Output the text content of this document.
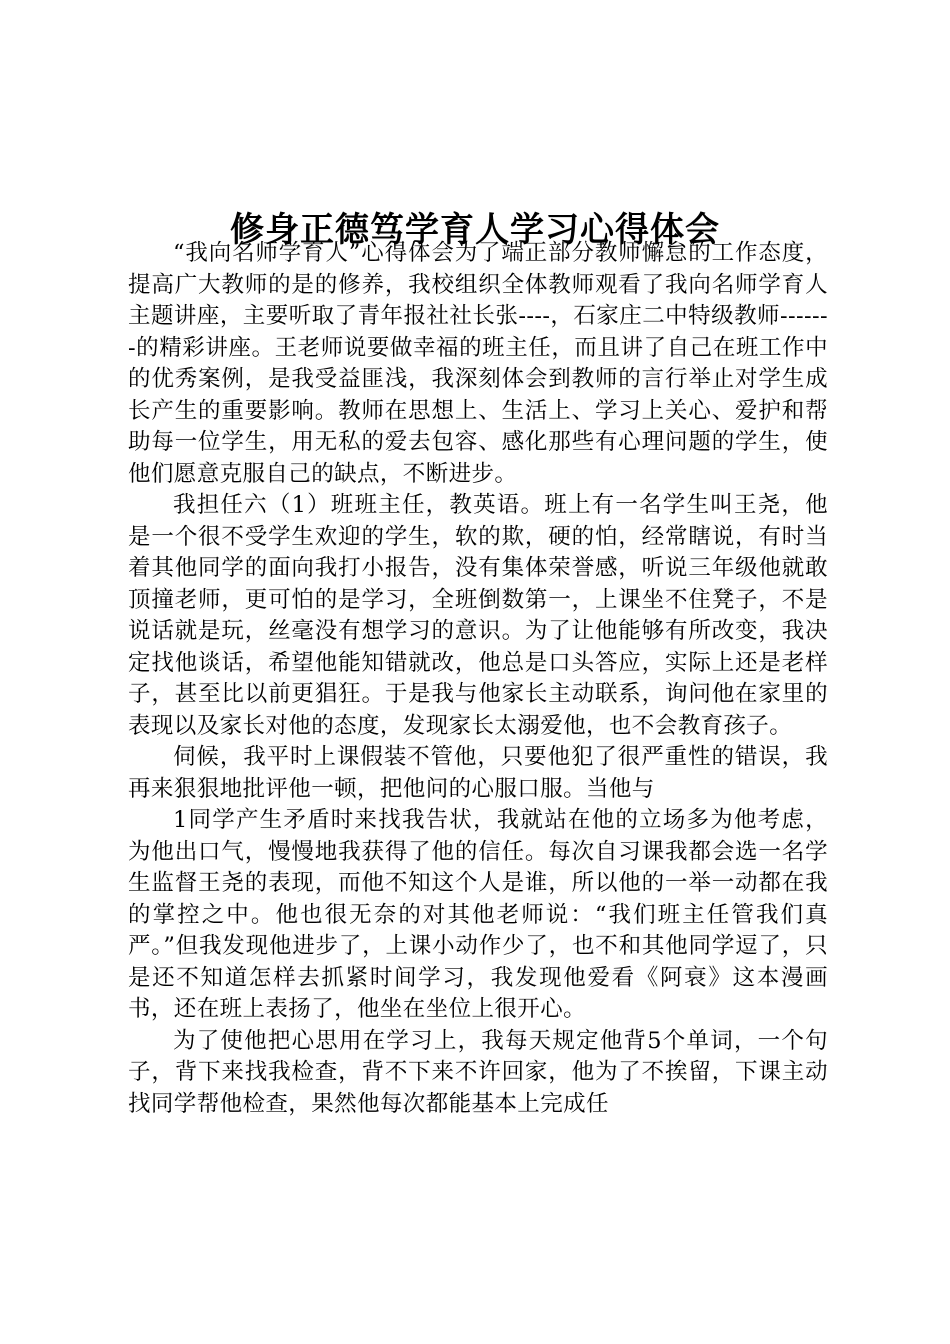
修身正德笃学育人学习心得体会

“我向名师学育人”心得体会为了端正部分教师懈怠的工作态度，提高广大教师的是的修养，我校组织全体教师观看了我向名师学育人主题讲座，主要听取了青年报社社长张----，石家庄二中特级教师-------的精彩讲座。王老师说要做幸福的班主任，而且讲了自己在班工作中的优秀案例，是我受益匪浅，我深刻体会到教师的言行举止对学生成长产生的重要影响。教师在思想上、生活上、学习上关心、爱护和帮助每一位学生，用无私的爱去包容、感化那些有心理问题的学生，使他们愿意克服自己的缺点，不断进步。

我担任六（1）班班主任，教英语。班上有一名学生叫王尧，他是一个很不受学生欢迎的学生，软的欺，硬的怕，经常瞎说，有时当着其他同学的面向我打小报告，没有集体荣誉感，听说三年级他就敢顶撞老师，更可怕的是学习，全班倒数第一，上课坐不住凳子，不是说话就是玩，丝毫没有想学习的意识。为了让他能够有所改变，我决定找他谈话，希望他能知错就改，他总是口头答应，实际上还是老样子，甚至比以前更猖狂。于是我与他家长主动联系，询问他在家里的表现以及家长对他的态度，发现家长太溺爱他，也不会教育孩子。

伺候，我平时上课假装不管他，只要他犯了很严重性的错误，我再来狠狠地批评他一顿，把他问的心服口服。当他与

1同学产生矛盾时来找我告状，我就站在他的立场多为他考虑，为他出口气，慢慢地我获得了他的信任。每次自习课我都会选一名学生监督王尧的表现，而他不知这个人是谁，所以他的一举一动都在我的掌控之中。他也很无奈的对其他老师说：“我们班主任管我们真严。”但我发现他进步了，上课小动作少了，也不和其他同学逗了，只是还不知道怎样去抓紧时间学习，我发现他爱看《阿衰》这本漫画书，还在班上表扬了，他坐在坐位上很开心。

为了使他把心思用在学习上，我每天规定他背5个单词，一个句子，背下来找我检查，背不下来不许回家，他为了不挨留，下课主动找同学帮他检查，果然他每次都能基本上完成任
